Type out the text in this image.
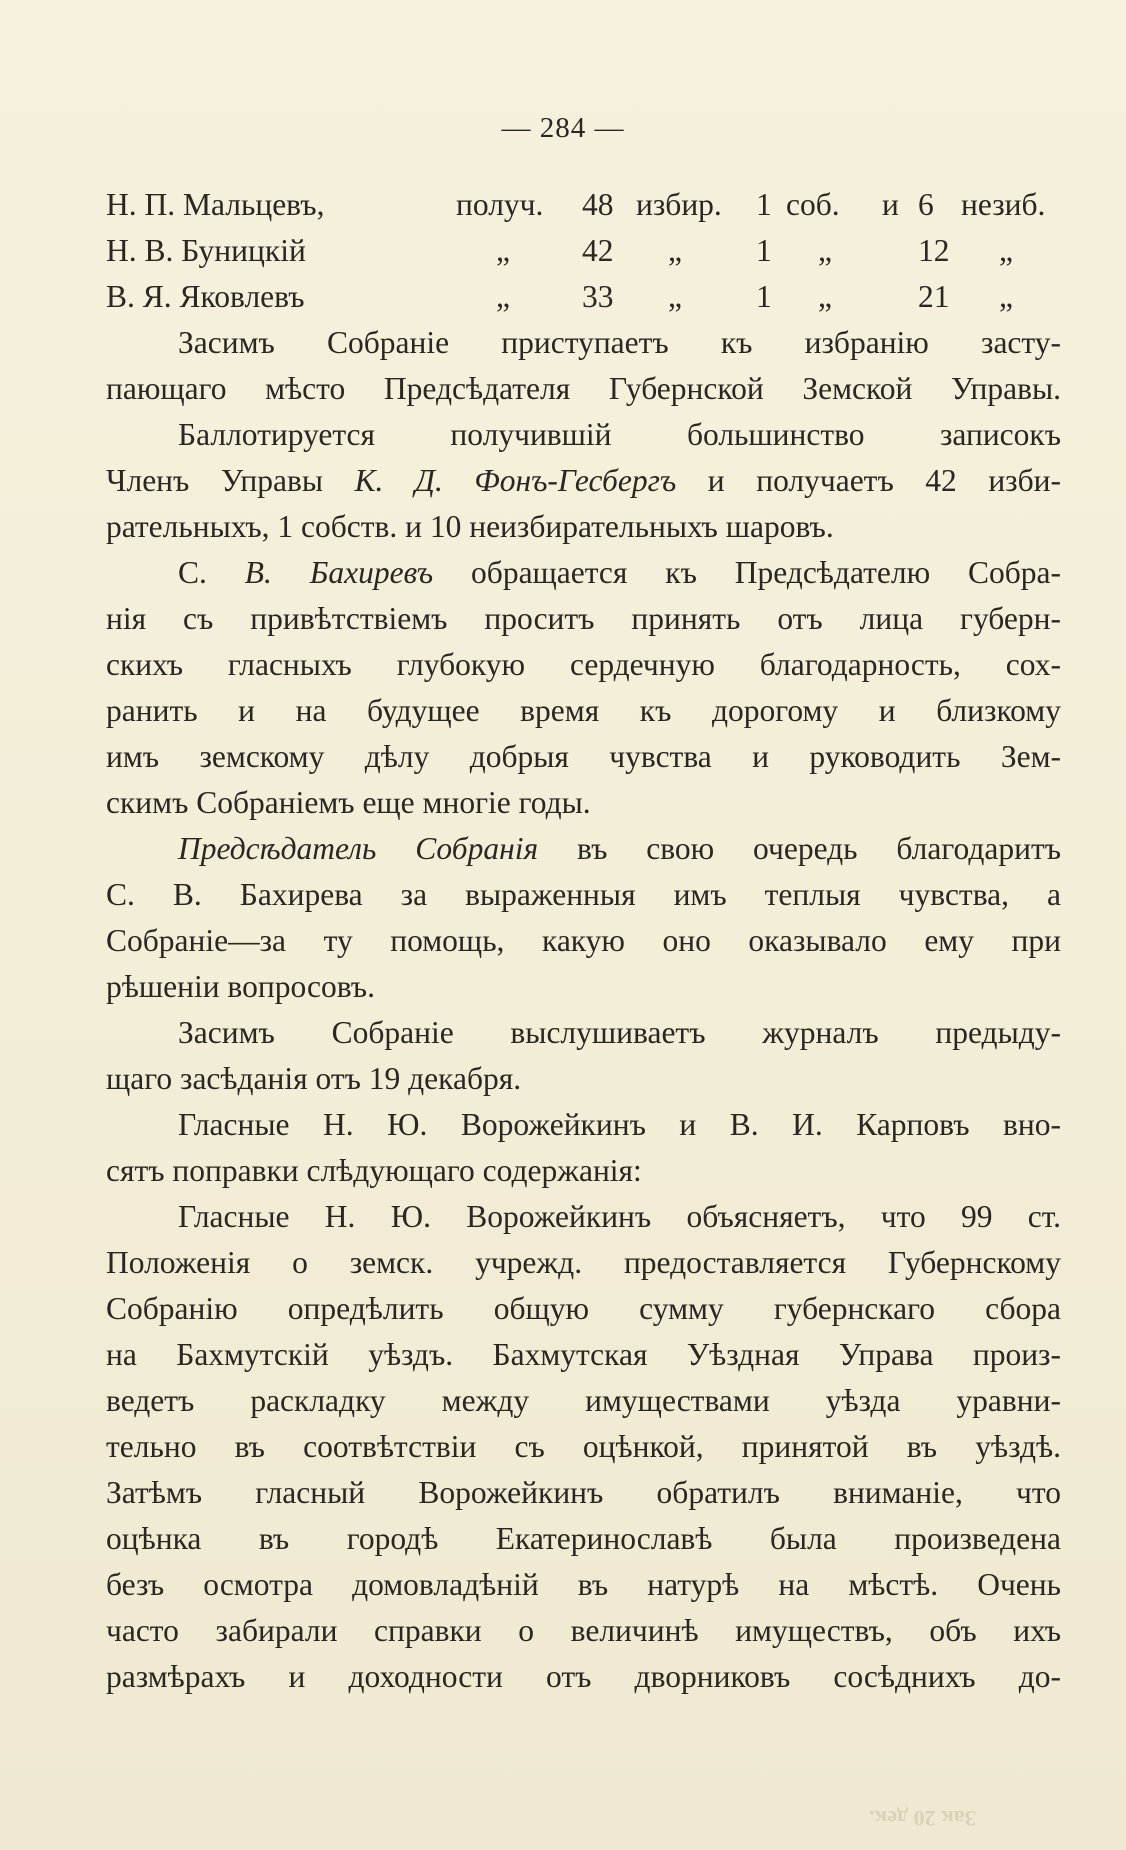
— 284 —
Н. П. Мальцевъ,	получ. 48 избир. 1 соб. и 6 незиб.
Н. В. Буницкій	„ 42 „ 1 „	12 „
В. Я. Яковлевъ	„ 33 „ 1 „	21 „
Засимъ Собраніе приступаетъ къ избранію засту-
пающаго мѣсто Предсѣдателя Губернской Земской Управы.
Баллотируется получившій большинство записокъ
Членъ Управы К. Д. Фонъ-Гесбергъ и получаетъ 42 изби-
рательныхъ, 1 собств. и 10 неизбирательныхъ шаровъ.
С. В. Бахиревъ обращается къ Предсѣдателю Собра-
нія съ привѣтствіемъ проситъ принять отъ лица губерн-
скихъ гласныхъ глубокую сердечную благодарность, сох-
ранить и на будущее время къ дорогому и близкому
имъ земскому дѣлу добрыя чувства и руководить Зем-
скимъ Собраніемъ еще многіе годы.
Предсѣдатель Собранія въ свою очередь благодаритъ
С. В. Бахирева за выраженныя имъ теплыя чувства, а
Собраніе—за ту помощь, какую оно оказывало ему при
рѣшеніи вопросовъ.
Засимъ Собраніе выслушиваетъ журналъ предыду-
щаго засѣданія отъ 19 декабря.
Гласные Н. Ю. Ворожейкинъ и В. И. Карповъ вно-
сятъ поправки слѣдующаго содержанія:
Гласные Н. Ю. Ворожейкинъ объясняетъ, что 99 ст.
Положенія о земск. учрежд. предоставляется Губернскому
Собранію опредѣлить общую сумму губернскаго сбора
на Бахмутскій уѣздъ. Бахмутская Уѣздная Управа произ-
ведетъ раскладку между имуществами уѣзда уравни-
тельно въ соотвѣтствіи съ оцѣнкой, принятой въ уѣздѣ.
Затѣмъ гласный Ворожейкинъ обратилъ вниманіе, что
оцѣнка въ городѣ Екатеринославѣ была произведена
безъ осмотра домовладѣній въ натурѣ на мѣстѣ. Очень
часто забирали справки о величинѣ имуществъ, объ ихъ
размѣрахъ и доходности отъ дворниковъ сосѣднихъ до-
Зак 20 дек.
